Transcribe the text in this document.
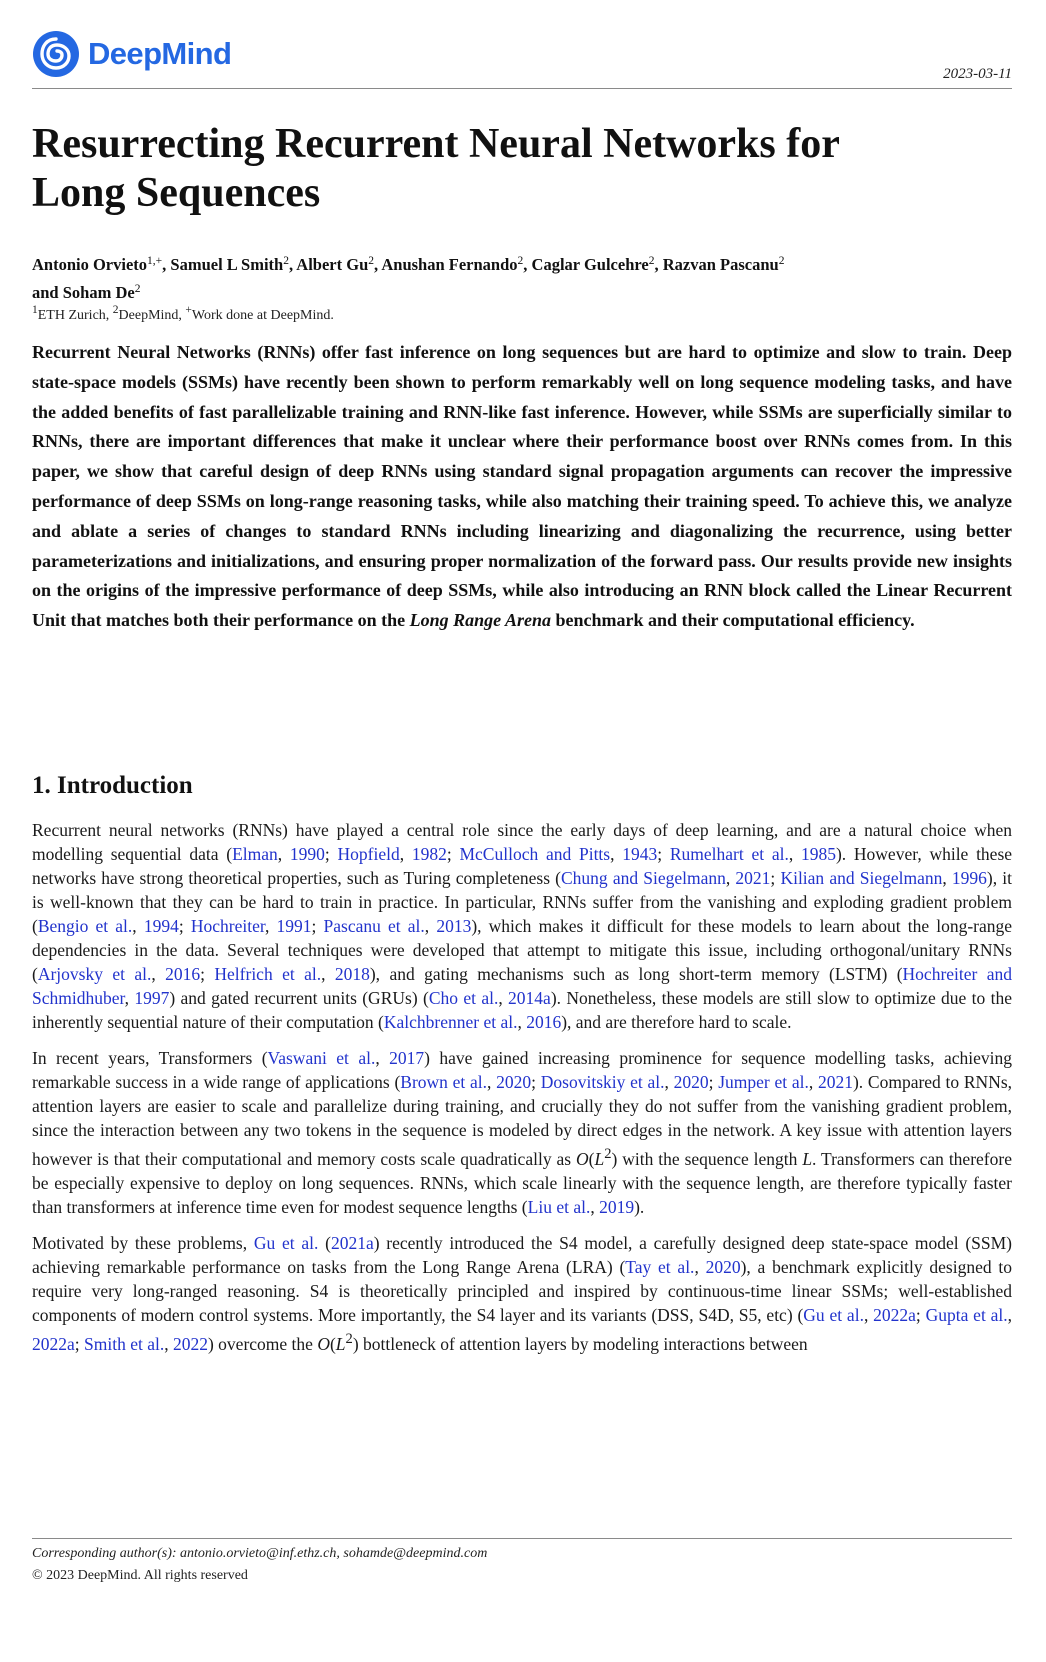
DeepMind
2023-03-11
Resurrecting Recurrent Neural Networks for
Long Sequences

Antonio Orvieto$^{1,+}$, Samuel L Smith$^2$, Albert Gu$^2$, Anushan Fernando$^2$, Caglar Gulcehre$^2$, Razvan Pascanu$^2$
and Soham De$^2$

$^1$ETH Zurich, $^2$DeepMind, +Work done at DeepMind.

Recurrent Neural Networks (RNNs) offer fast inference on long sequences but are hard to optimize and slow to train. Deep state-space models (SSMs) have recently been shown to perform remarkably well on long sequence modeling tasks, and have the added benefits of fast parallelizable training and RNN-like fast inference. However, while SSMs are superficially similar to RNNs, there are important differences that make it unclear where their performance boost over RNNs comes from. In this paper, we show that careful design of deep RNNs using standard signal propagation arguments can recover the impressive performance of deep SSMs on long-range reasoning tasks, while also matching their training speed. To achieve this, we analyze and ablate a series of changes to standard RNNs including linearizing and diagonalizing the recurrence, using better parameterizations and initializations, and ensuring proper normalization of the forward pass. Our results provide new insights on the origins of the impressive performance of deep SSMs, while also introducing an RNN block called the Linear Recurrent Unit that matches both their performance on the Long Range Arena benchmark and their computational efficiency.

1. Introduction

Recurrent neural networks (RNNs) have played a central role since the early days of deep learning, and are a natural choice when modelling sequential data (Elman, 1990; Hopfield, 1982; McCulloch and Pitts, 1943; Rumelhart et al., 1985). However, while these networks have strong theoretical properties, such as Turing completeness (Chung and Siegelmann, 2021; Kilian and Siegelmann, 1996), it is well-known that they can be hard to train in practice. In particular, RNNs suffer from the vanishing and exploding gradient problem (Bengio et al., 1994; Hochreiter, 1991; Pascanu et al., 2013), which makes it difficult for these models to learn about the long-range dependencies in the data. Several techniques were developed that attempt to mitigate this issue, including orthogonal/unitary RNNs (Arjovsky et al., 2016; Helfrich et al., 2018), and gating mechanisms such as long short-term memory (LSTM) (Hochreiter and Schmidhuber, 1997) and gated recurrent units (GRUs) (Cho et al., 2014a). Nonetheless, these models are still slow to optimize due to the inherently sequential nature of their computation (Kalchbrenner et al., 2016), and are therefore hard to scale.

In recent years, Transformers (Vaswani et al., 2017) have gained increasing prominence for sequence modelling tasks, achieving remarkable success in a wide range of applications (Brown et al., 2020; Dosovitskiy et al., 2020; Jumper et al., 2021). Compared to RNNs, attention layers are easier to scale and parallelize during training, and crucially they do not suffer from the vanishing gradient problem, since the interaction between any two tokens in the sequence is modeled by direct edges in the network. A key issue with attention layers however is that their computational and memory costs scale quadratically as $O(L^2)$ with the sequence length L. Transformers can therefore be especially expensive to deploy on long sequences. RNNs, which scale linearly with the sequence length, are therefore typically faster than transformers at inference time even for modest sequence lengths (Liu et al., 2019).

Motivated by these problems, Gu et al. (2021a) recently introduced the S4 model, a carefully designed deep state-space model (SSM) achieving remarkable performance on tasks from the Long Range Arena (LRA) (Tay et al., 2020), a benchmark explicitly designed to require very long-ranged reasoning. S4 is theoretically principled and inspired by continuous-time linear SSMs; well-established components of modern control systems. More importantly, the S4 layer and its variants (DSS, S4D, S5, etc) (Gu et al., 2022a; Gupta et al., 2022a; Smith et al., 2022) overcome the $O(L^2)$ bottleneck of attention layers by modeling interactions between

Corresponding author(s): antonio.orvieto@inf.ethz.ch, sohamde@deepmind.com
© 2023 DeepMind. All rights reserved
